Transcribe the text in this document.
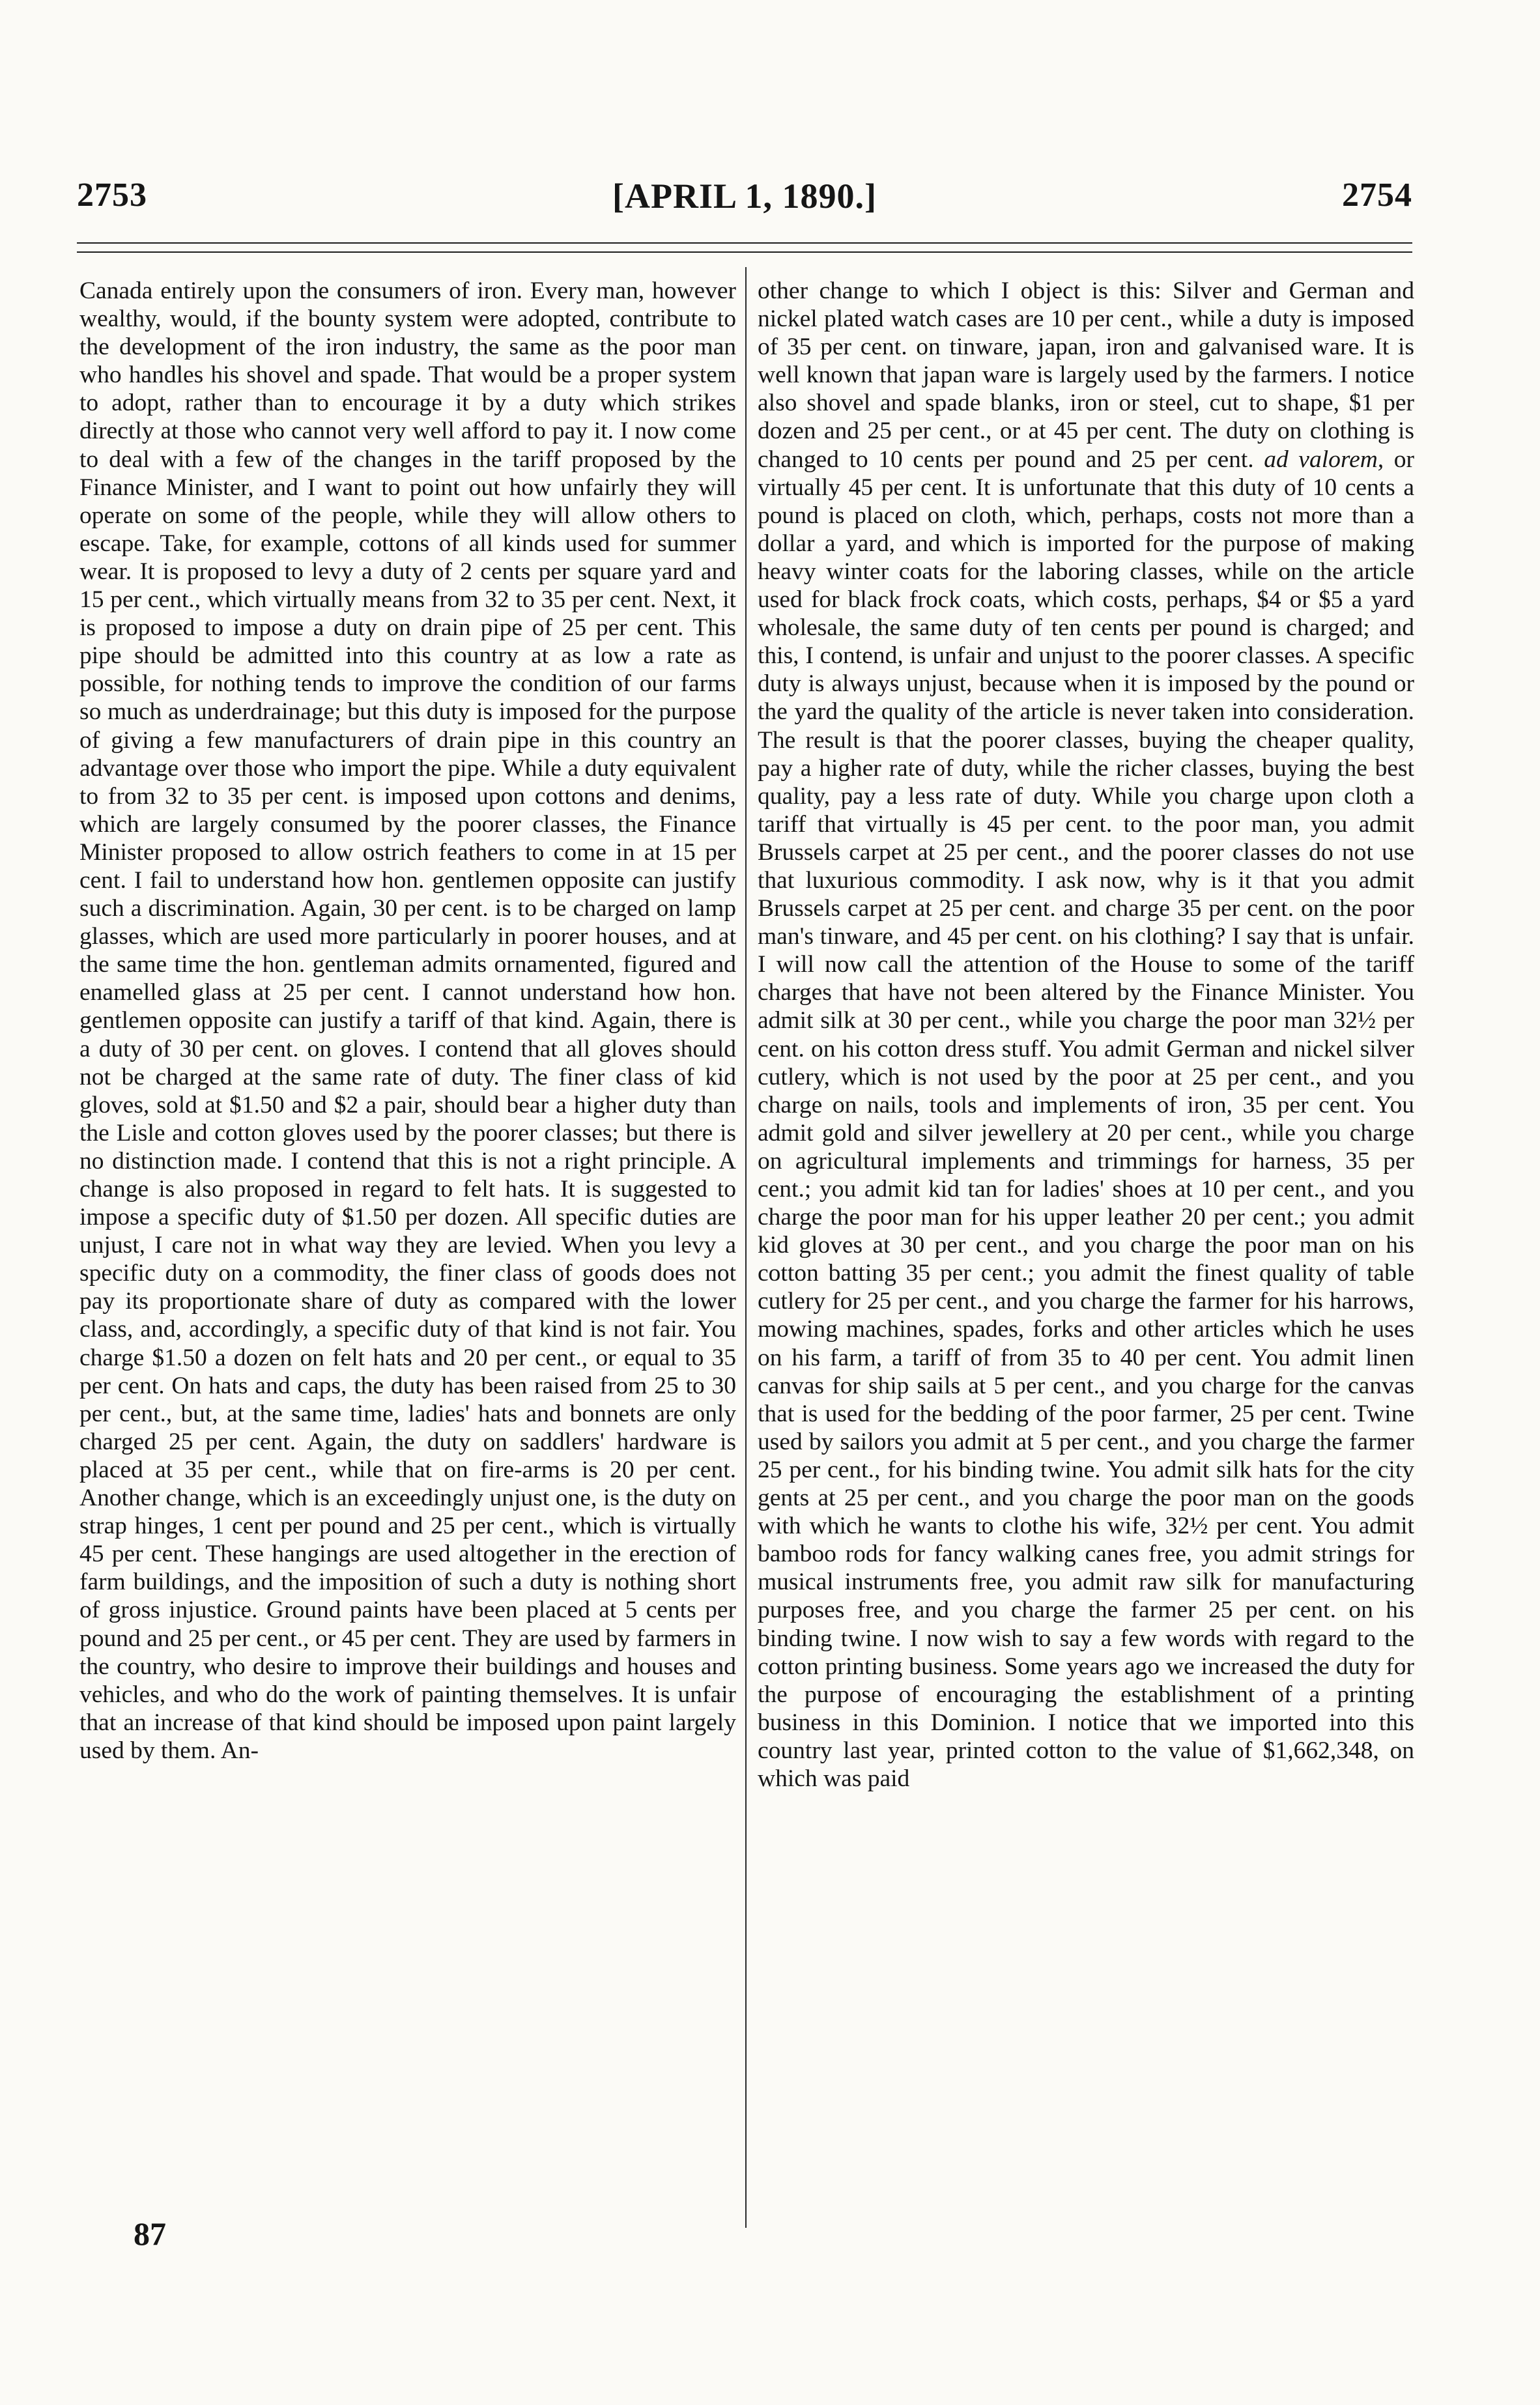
2753	[APRIL 1, 1890.]	2754

Canada entirely upon the consumers of iron. Every man, however wealthy, would, if the bounty system were adopted, contribute to the development of the iron industry, the same as the poor man who handles his shovel and spade. That would be a proper system to adopt, rather than to encourage it by a duty which strikes directly at those who cannot very well afford to pay it. I now come to deal with a few of the changes in the tariff proposed by the Finance Minister, and I want to point out how unfairly they will operate on some of the people, while they will allow others to escape. Take, for example, cottons of all kinds used for summer wear. It is proposed to levy a duty of 2 cents per square yard and 15 per cent., which virtually means from 32 to 35 per cent. Next, it is proposed to impose a duty on drain pipe of 25 per cent. This pipe should be admitted into this country at as low a rate as possible, for nothing tends to improve the condition of our farms so much as underdrainage; but this duty is imposed for the purpose of giving a few manufacturers of drain pipe in this country an advantage over those who import the pipe. While a duty equivalent to from 32 to 35 per cent. is imposed upon cottons and denims, which are largely consumed by the poorer classes, the Finance Minister proposed to allow ostrich feathers to come in at 15 per cent. I fail to understand how hon. gentlemen opposite can justify such a discrimination. Again, 30 per cent. is to be charged on lamp glasses, which are used more particularly in poorer houses, and at the same time the hon. gentleman admits ornamented, figured and enamelled glass at 25 per cent. I cannot understand how hon. gentlemen opposite can justify a tariff of that kind. Again, there is a duty of 30 per cent. on gloves. I contend that all gloves should not be charged at the same rate of duty. The finer class of kid gloves, sold at $1.50 and $2 a pair, should bear a higher duty than the Lisle and cotton gloves used by the poorer classes; but there is no distinction made. I contend that this is not a right principle. A change is also proposed in regard to felt hats. It is suggested to impose a specific duty of $1.50 per dozen. All specific duties are unjust, I care not in what way they are levied. When you levy a specific duty on a commodity, the finer class of goods does not pay its proportionate share of duty as compared with the lower class, and, accordingly, a specific duty of that kind is not fair. You charge $1.50 a dozen on felt hats and 20 per cent., or equal to 35 per cent. On hats and caps, the duty has been raised from 25 to 30 per cent., but, at the same time, ladies' hats and bonnets are only charged 25 per cent. Again, the duty on saddlers' hardware is placed at 35 per cent., while that on fire-arms is 20 per cent. Another change, which is an exceedingly unjust one, is the duty on strap hinges, 1 cent per pound and 25 per cent., which is virtually 45 per cent. These hangings are used altogether in the erection of farm buildings, and the imposition of such a duty is nothing short of gross injustice. Ground paints have been placed at 5 cents per pound and 25 per cent., or 45 per cent. They are used by farmers in the country, who desire to improve their buildings and houses and vehicles, and who do the work of painting themselves. It is unfair that an increase of that kind should be imposed upon paint largely used by them. An-

other change to which I object is this: Silver and German and nickel plated watch cases are 10 per cent., while a duty is imposed of 35 per cent. on tinware, japan, iron and galvanised ware. It is well known that japan ware is largely used by the farmers. I notice also shovel and spade blanks, iron or steel, cut to shape, $1 per dozen and 25 per cent., or at 45 per cent. The duty on clothing is changed to 10 cents per pound and 25 per cent. ad valorem, or virtually 45 per cent. It is unfortunate that this duty of 10 cents a pound is placed on cloth, which, perhaps, costs not more than a dollar a yard, and which is imported for the purpose of making heavy winter coats for the laboring classes, while on the article used for black frock coats, which costs, perhaps, $4 or $5 a yard wholesale, the same duty of ten cents per pound is charged; and this, I contend, is unfair and unjust to the poorer classes. A specific duty is always unjust, because when it is imposed by the pound or the yard the quality of the article is never taken into consideration. The result is that the poorer classes, buying the cheaper quality, pay a higher rate of duty, while the richer classes, buying the best quality, pay a less rate of duty. While you charge upon cloth a tariff that virtually is 45 per cent. to the poor man, you admit Brussels carpet at 25 per cent., and the poorer classes do not use that luxurious commodity. I ask now, why is it that you admit Brussels carpet at 25 per cent. and charge 35 per cent. on the poor man's tinware, and 45 per cent. on his clothing? I say that is unfair. I will now call the attention of the House to some of the tariff charges that have not been altered by the Finance Minister. You admit silk at 30 per cent., while you charge the poor man 32½ per cent. on his cotton dress stuff. You admit German and nickel silver cutlery, which is not used by the poor at 25 per cent., and you charge on nails, tools and implements of iron, 35 per cent. You admit gold and silver jewellery at 20 per cent., while you charge on agricultural implements and trimmings for harness, 35 per cent.; you admit kid tan for ladies' shoes at 10 per cent., and you charge the poor man for his upper leather 20 per cent.; you admit kid gloves at 30 per cent., and you charge the poor man on his cotton batting 35 per cent.; you admit the finest quality of table cutlery for 25 per cent., and you charge the farmer for his harrows, mowing machines, spades, forks and other articles which he uses on his farm, a tariff of from 35 to 40 per cent. You admit linen canvas for ship sails at 5 per cent., and you charge for the canvas that is used for the bedding of the poor farmer, 25 per cent. Twine used by sailors you admit at 5 per cent., and you charge the farmer 25 per cent., for his binding twine. You admit silk hats for the city gents at 25 per cent., and you charge the poor man on the goods with which he wants to clothe his wife, 32½ per cent. You admit bamboo rods for fancy walking canes free, you admit strings for musical instruments free, you admit raw silk for manufacturing purposes free, and you charge the farmer 25 per cent. on his binding twine. I now wish to say a few words with regard to the cotton printing business. Some years ago we increased the duty for the purpose of encouraging the establishment of a printing business in this Dominion. I notice that we imported into this country last year, printed cotton to the value of $1,662,348, on which was paid

87
